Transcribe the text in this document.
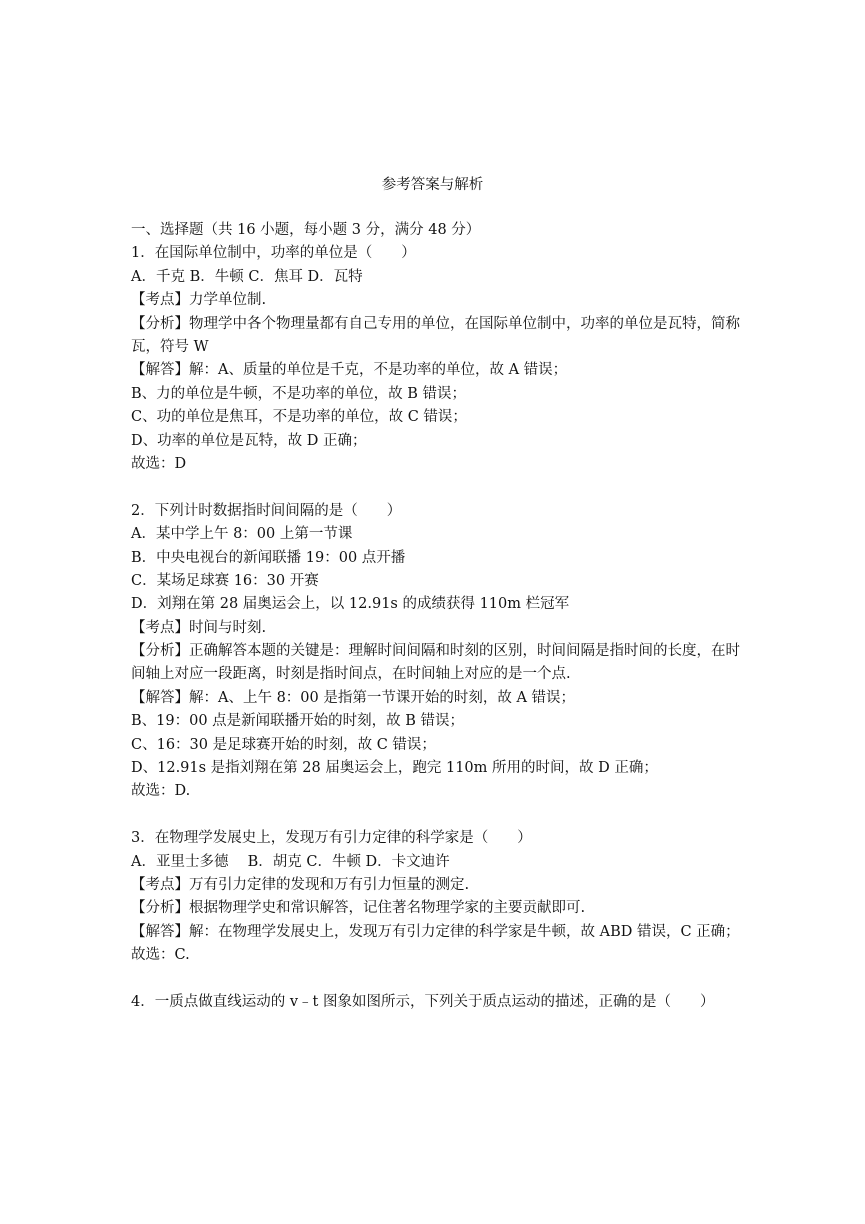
参考答案与解析

一、选择题（共 16 小题，每小题 3 分，满分 48 分）

1．在国际单位制中，功率的单位是（　　）

A．千克 B．牛顿 C．焦耳 D．瓦特

【考点】力学单位制.

【分析】物理学中各个物理量都有自己专用的单位，在国际单位制中，功率的单位是瓦特，简称瓦，符号 W

【解答】解：A、质量的单位是千克，不是功率的单位，故 A 错误；

B、力的单位是牛顿，不是功率的单位，故 B 错误；

C、功的单位是焦耳，不是功率的单位，故 C 错误；

D、功率的单位是瓦特，故 D 正确；

故选：D

2．下列计时数据指时间间隔的是（　　）

A．某中学上午 8：00 上第一节课

B．中央电视台的新闻联播 19：00 点开播

C．某场足球赛 16：30 开赛

D．刘翔在第 28 届奥运会上，以 12.91s 的成绩获得 110m 栏冠军

【考点】时间与时刻.

【分析】正确解答本题的关键是：理解时间间隔和时刻的区别，时间间隔是指时间的长度，在时间轴上对应一段距离，时刻是指时间点，在时间轴上对应的是一个点.

【解答】解：A、上午 8：00 是指第一节课开始的时刻，故 A 错误；

B、19：00 点是新闻联播开始的时刻，故 B 错误；

C、16：30 是足球赛开始的时刻，故 C 错误；

D、12.91s 是指刘翔在第 28 届奥运会上，跑完 110m 所用的时间，故 D 正确；

故选：D.

3．在物理学发展史上，发现万有引力定律的科学家是（　　）

A．亚里士多德　 B．胡克 C．牛顿 D．卡文迪许

【考点】万有引力定律的发现和万有引力恒量的测定.

【分析】根据物理学史和常识解答，记住著名物理学家的主要贡献即可.

【解答】解：在物理学发展史上，发现万有引力定律的科学家是牛顿，故 ABD 错误，C 正确；

故选：C.

4．一质点做直线运动的 v﹣t 图象如图所示，下列关于质点运动的描述，正确的是（　　）
